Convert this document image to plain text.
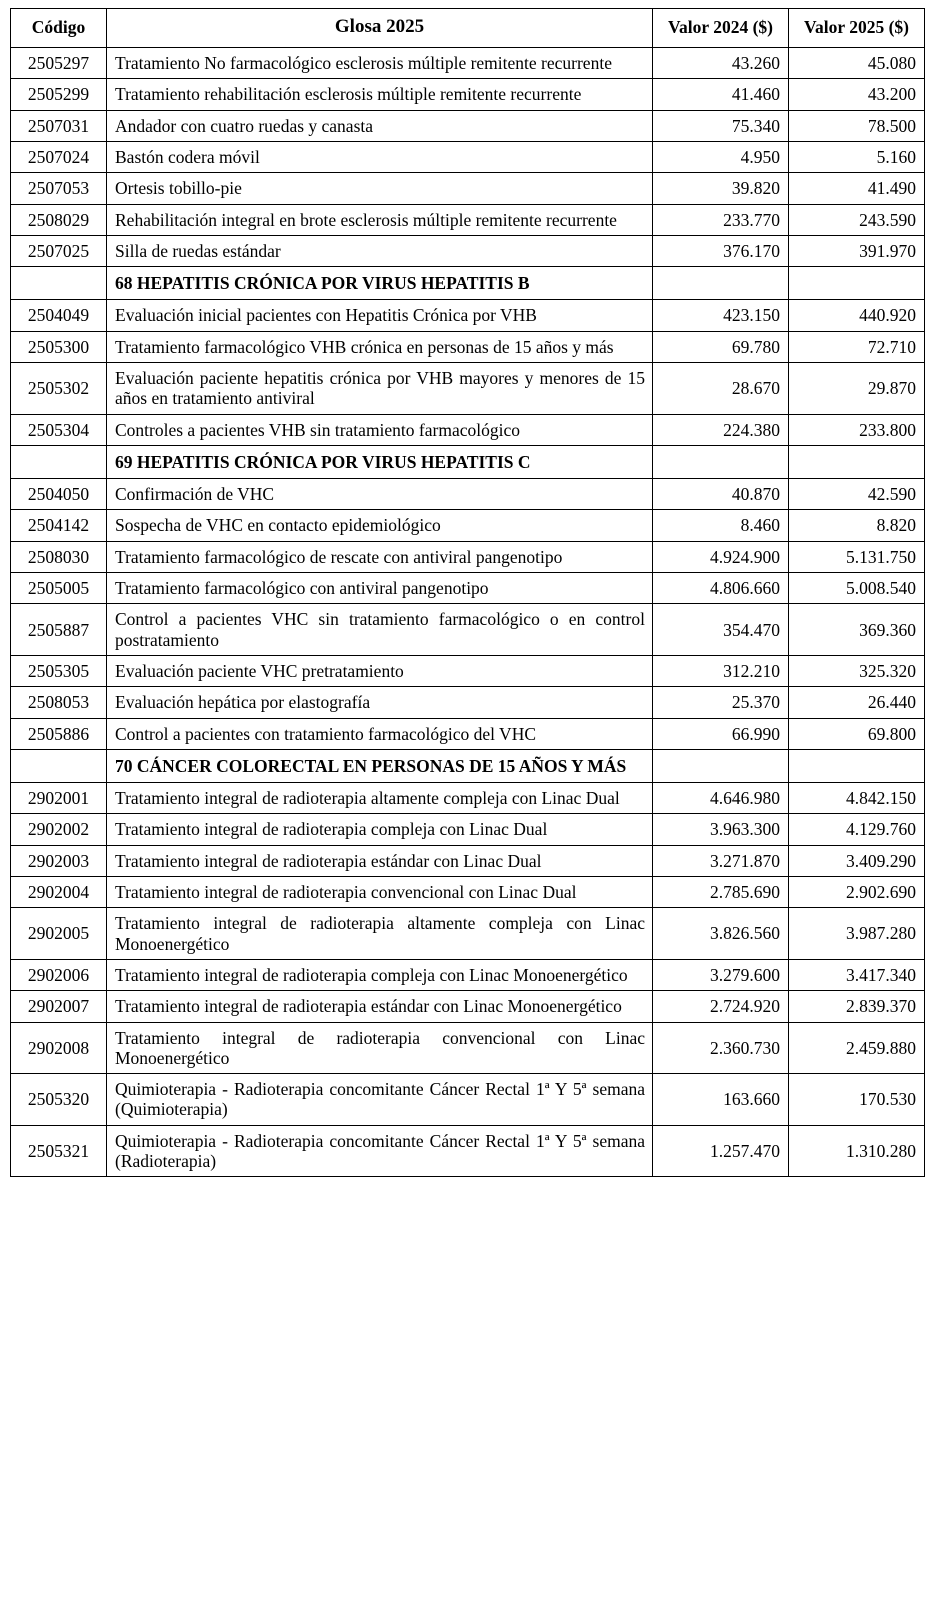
Código	Glosa 2025	Valor 2024 ($)	Valor 2025 ($)
2505297	Tratamiento No farmacológico esclerosis múltiple remitente recurrente	43.260	45.080
2505299	Tratamiento rehabilitación esclerosis múltiple remitente recurrente	41.460	43.200
2507031	Andador con cuatro ruedas y canasta	75.340	78.500
2507024	Bastón codera móvil	4.950	5.160
2507053	Ortesis tobillo-pie	39.820	41.490
2508029	Rehabilitación integral en brote esclerosis múltiple remitente recurrente	233.770	243.590
2507025	Silla de ruedas estándar	376.170	391.970
	68 HEPATITIS CRÓNICA POR VIRUS HEPATITIS B		
2504049	Evaluación inicial pacientes con Hepatitis Crónica por VHB	423.150	440.920
2505300	Tratamiento farmacológico VHB crónica en personas de 15 años y más	69.780	72.710
2505302	Evaluación paciente hepatitis crónica por VHB mayores y menores de 15 años en tratamiento antiviral	28.670	29.870
2505304	Controles a pacientes VHB sin tratamiento farmacológico	224.380	233.800
	69 HEPATITIS CRÓNICA POR VIRUS HEPATITIS C		
2504050	Confirmación de VHC	40.870	42.590
2504142	Sospecha de VHC en contacto epidemiológico	8.460	8.820
2508030	Tratamiento farmacológico de rescate con antiviral pangenotipo	4.924.900	5.131.750
2505005	Tratamiento farmacológico con antiviral pangenotipo	4.806.660	5.008.540
2505887	Control a pacientes VHC sin tratamiento farmacológico o en control postratamiento	354.470	369.360
2505305	Evaluación paciente VHC pretratamiento	312.210	325.320
2508053	Evaluación hepática por elastografía	25.370	26.440
2505886	Control a pacientes con tratamiento farmacológico del VHC	66.990	69.800
	70 CÁNCER COLORECTAL EN PERSONAS DE 15 AÑOS Y MÁS		
2902001	Tratamiento integral de radioterapia altamente compleja con Linac Dual	4.646.980	4.842.150
2902002	Tratamiento integral de radioterapia compleja con Linac Dual	3.963.300	4.129.760
2902003	Tratamiento integral de radioterapia estándar con Linac Dual	3.271.870	3.409.290
2902004	Tratamiento integral de radioterapia convencional con Linac Dual	2.785.690	2.902.690
2902005	Tratamiento integral de radioterapia altamente compleja con Linac Monoenergético	3.826.560	3.987.280
2902006	Tratamiento integral de radioterapia compleja con Linac Monoenergético	3.279.600	3.417.340
2902007	Tratamiento integral de radioterapia estándar con Linac Monoenergético	2.724.920	2.839.370
2902008	Tratamiento integral de radioterapia convencional con Linac Monoenergético	2.360.730	2.459.880
2505320	Quimioterapia - Radioterapia concomitante Cáncer Rectal 1ª Y 5ª semana (Quimioterapia)	163.660	170.530
2505321	Quimioterapia - Radioterapia concomitante Cáncer Rectal 1ª Y 5ª semana (Radioterapia)	1.257.470	1.310.280
